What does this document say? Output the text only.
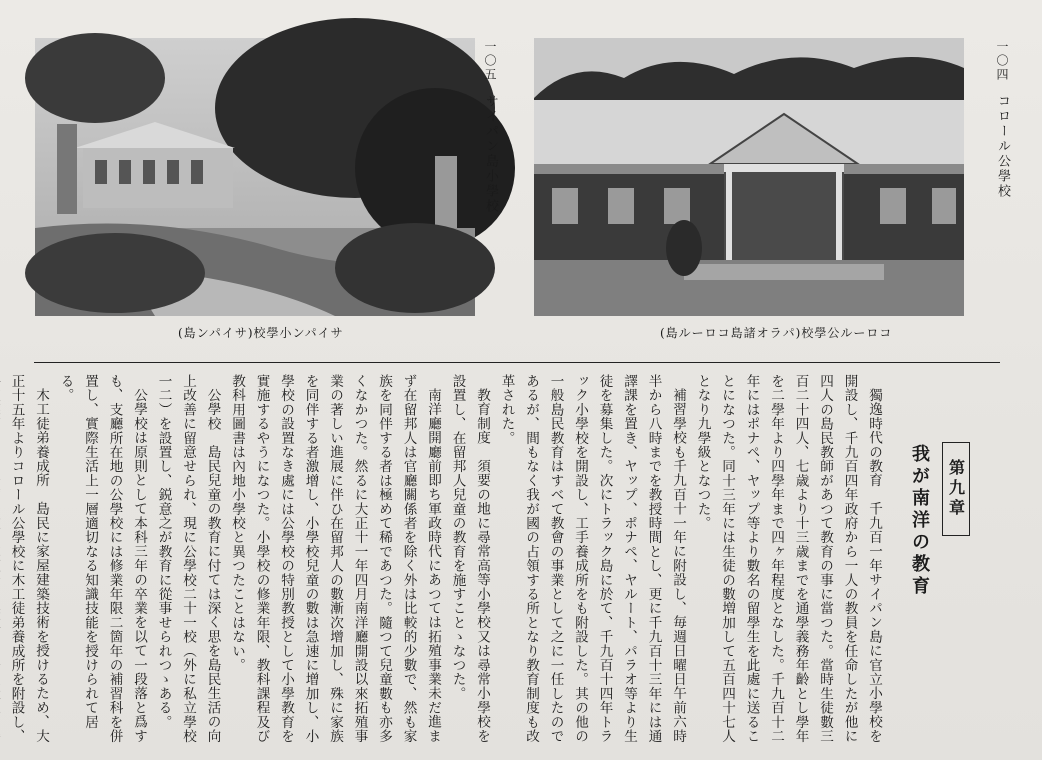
一〇五
サイパン島小學校
(島ンパイサ)校學小ンパイサ
一〇四
コロール公學校
(島ルーロコ島諸オラパ)校學公ルーロコ
第九章
我が南洋の教育

獨逸時代の教育　千九百一年サイパン島に官立小學校を開設し、千九百四年政府から一人の教員を任命したが他に四人の島民教師があつて教育の事に當つた。當時生徒數三百二十四人、七歳より十三歳までを通學義務年齡とし學年を二學年より四學年まで四ヶ年程度となした。千九百十二年にはポナペ、ヤップ等より數名の留學生を此處に送ることになつた。同十三年には生徒の數増加して五百四十七人となり九學級となつた。

補習學校も千九百十一年に附設し、毎週日曜日午前六時半から八時までを教授時間とし、更に千九百十三年には通譯課を置き、ヤップ、ポナペ、ヤルート、パラオ等より生徒を募集した。次にトラック島に於て、千九百十四年トラック小學校を開設し、工手養成所をも附設した。其の他の一般島民教育はすべて教會の事業として之に一任したのであるが、間もなく我が國の占領する所となり教育制度も改革された。

教育制度　須要の地に尋常高等小學校又は尋常小學校を設置し、在留邦人兒童の教育を施すことゝなつた。

南洋廳開廳前即ち軍政時代にあつては拓殖事業未だ進まず在留邦人は官廳關係者を除く外は比較的少數で、然も家族を同伴する者は極めて稀であつた。隨つて兒童數も亦多くなかつた。然るに大正十一年四月南洋廳開設以來拓殖事業の著しい進展に伴ひ在留邦人の數漸次增加し、殊に家族を同伴する者激增し、小學校兒童の數は急速に增加し、小學校の設置なき處には公學校の特別教授として小學教育を實施するやうになつた。小學校の修業年限、教科課程及び教科用圖書は內地小學校と異つたことはない。

公學校　島民兒童の教育に付ては深く思を島民生活の向上改善に留意せられ、現に公學校二十一校（外に私立學校一二）を設置し、鋭意之が教育に從事せられつゝある。

公學校は原則として本科三年の卒業を以て一段落と爲すも、支廳所在地の公學校には修業年限二箇年の補習科を併置し、實際生活上一層適切なる知識技能を授けられて居る。

木工徒弟養成所　島民に家屋建築技術を授けるため、大正十五年よりコロール公學校に木工徒弟養成所を附設し、
